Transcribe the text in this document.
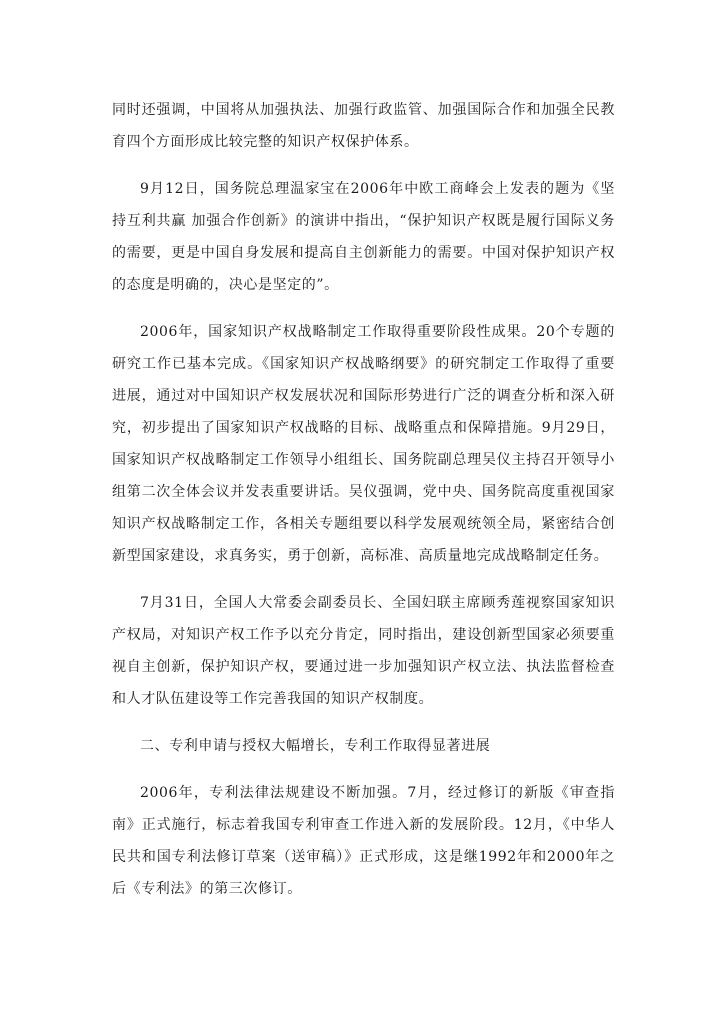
同时还强调，中国将从加强执法、加强行政监管、加强国际合作和加强全民教育四个方面形成比较完整的知识产权保护体系。

9月12日，国务院总理温家宝在2006年中欧工商峰会上发表的题为《坚持互利共赢 加强合作创新》的演讲中指出，“保护知识产权既是履行国际义务的需要，更是中国自身发展和提高自主创新能力的需要。中国对保护知识产权的态度是明确的，决心是坚定的”。

2006年，国家知识产权战略制定工作取得重要阶段性成果。20个专题的研究工作已基本完成。《国家知识产权战略纲要》的研究制定工作取得了重要进展，通过对中国知识产权发展状况和国际形势进行广泛的调查分析和深入研究，初步提出了国家知识产权战略的目标、战略重点和保障措施。9月29日，国家知识产权战略制定工作领导小组组长、国务院副总理吴仪主持召开领导小组第二次全体会议并发表重要讲话。吴仪强调，党中央、国务院高度重视国家知识产权战略制定工作，各相关专题组要以科学发展观统领全局，紧密结合创新型国家建设，求真务实，勇于创新，高标准、高质量地完成战略制定任务。

7月31日，全国人大常委会副委员长、全国妇联主席顾秀莲视察国家知识产权局，对知识产权工作予以充分肯定，同时指出，建设创新型国家必须要重视自主创新，保护知识产权，要通过进一步加强知识产权立法、执法监督检查和人才队伍建设等工作完善我国的知识产权制度。

二、专利申请与授权大幅增长，专利工作取得显著进展

2006年，专利法律法规建设不断加强。7月，经过修订的新版《审查指南》正式施行，标志着我国专利审查工作进入新的发展阶段。12月，《中华人民共和国专利法修订草案（送审稿）》正式形成，这是继1992年和2000年之后《专利法》的第三次修订。
